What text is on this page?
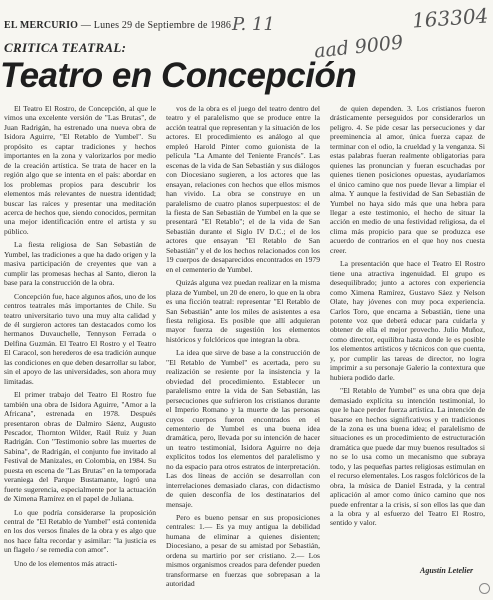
EL MERCURIO — Lunes 29 de Septiembre de 1986 P. 11	163304
aad 9009
CRITICA TEATRAL:
Teatro en Concepción

El Teatro El Rostro, de Concepción, al que le vimos una excelente versión de "Las Brutas", de Juan Radrigán, ha estrenado una nueva obra de Isidora Aguirre, "El Retablo de Yumbel". Su propósito es captar tradiciones y hechos importantes en la zona y valorizarlos por medio de la creación artística. Se trata de hacer en la región algo que se intenta en el país: abordar en los problemas propios para descubrir los elementos más relevantes de nuestra identidad; buscar las raíces y presentar una meditación acerca de hechos que, siendo conocidos, permitan una mejor identificación entre el artista y su público.

La fiesta religiosa de San Sebastián de Yumbel, las tradiciones a que ha dado origen y la masiva participación de creyentes que van a cumplir las promesas hechas al Santo, dieron la base para la construcción de la obra.

Concepción fue, hace algunos años, uno de los centros teatrales más importantes de Chile. Su teatro universitario tuvo una muy alta calidad y de él surgieron actores tan destacados como los hermanos Duvauchelle, Tennyson Ferrada o Delfina Guzmán. El Teatro El Rostro y el Teatro El Caracol, son herederos de esa tradición aunque las condiciones en que deben desarrollar su labor, sin el apoyo de las universidades, son ahora muy limitadas.

El primer trabajo del Teatro El Rostro fue también una obra de Isidora Aguirre, "Amor a la Africana", estrenada en 1978. Después presentaron obras de Dalmiro Sáenz, Augusto Pescador, Thornton Wilder, Raúl Ruiz y Juan Radrigán. Con "Testimonio sobre las muertes de Sabina", de Radrigán, el conjunto fue invitado al Festival de Manizales, en Colombia, en 1984. Su puesta en escena de "Las Brutas" en la temporada veraniega del Parque Bustamante, logró una fuerte sugerencia, especialmente por la actuación de Ximena Ramírez en el papel de Juliana.

Lo que podría considerarse la proposición central de "El Retablo de Yumbel" está contenida en los dos versos finales de la obra y es algo que nos hace falta recordar y asimilar: "la justicia es un flagelo / se remedia con amor".

Uno de los elementos más atracti-

vos de la obra es el juego del teatro dentro del teatro y el paralelismo que se produce entre la acción teatral que representan y la situación de los actores. El procedimiento es análogo al que empleó Harold Pinter como guionista de la película "La Amante del Teniente Francés". Las escenas de la vida de San Sebastián y sus diálogos con Diocesiano sugieren, a los actores que las ensayan, relaciones con hechos que ellos mismos han vivido. La obra se construye en un paralelismo de cuatro planos superpuestos: el de la fiesta de San Sebastián de Yumbel en la que se presentará "El Retablo"; el de la vida de San Sebastián durante el Siglo IV D.C.; el de los actores que ensayan "El Retablo de San Sebastián" y el de los hechos relacionados con los 19 cuerpos de desaparecidos encontrados en 1979 en el cementerio de Yumbel.

Quizás alguna vez puedan realizar en la misma plaza de Yumbel, un 20 de enero, lo que en la obra es una ficción teatral: representar "El Retablo de San Sebastián" ante los miles de asistentes a esa fiesta religiosa. Es posible que allí adquieran mayor fuerza de sugestión los elementos históricos y folclóricos que integran la obra.

La idea que sirve de base a la construcción de "El Retablo de Yumbel" es acertada, pero su realización se resiente por la insistencia y la obviedad del procedimiento. Establecer un paralelismo entre la vida de San Sebastián, las persecuciones que sufrieron los cristianos durante el Imperio Romano y la muerte de las personas cuyos cuerpos fueron encontrados en el cementerio de Yumbel es una buena idea dramática, pero, llevada por su intención de hacer un teatro testimonial, Isidora Aguirre no deja explícitos todos los elementos del paralelismo y no da espacio para otros estratos de interpretación. Las dos líneas de acción se desarrollan con interrelaciones demasiado claras, con didactismo de quien desconfía de los destinatarios del mensaje.

Pero es bueno pensar en sus proposiciones centrales: 1.— Es ya muy antigua la debilidad humana de eliminar a quienes disienten; Diocesiano, a pesar de su amistad por Sebastián, ordena su martirio por ser cristiano. 2.— Los mismos organismos creados para defender pueden transformarse en fuerzas que sobrepasan a la autoridad

de quien dependen. 3. Los cristianos fueron drásticamente perseguidos por considerarlos un peligro. 4. Se pide cesar las persecuciones y dar preeminencia al amor, única fuerza capaz de terminar con el odio, la crueldad y la venganza. Si estas palabras fueran realmente obligatorias para quienes las pronuncian y fueran escuchadas por quienes tienen posiciones opuestas, ayudaríamos el único camino que nos puede llevar a limpiar el alma. Y aunque la festividad de San Sebastián de Yumbel no haya sido más que una hebra para llegar a este testimonio, el hecho de situar la acción en medio de una festividad religiosa, da el clima más propicio para que se produzca ese acuerdo de contrarios en el que hoy nos cuesta creer.

La presentación que hace el Teatro El Rostro tiene una atractiva ingenuidad. El grupo es desequilibrado; junto a actores con experiencia como Ximena Ramírez, Gustavo Sáez y Nelson Olate, hay jóvenes con muy poca experiencia. Carlos Toro, que encarna a Sebastián, tiene una potente voz que deberá educar para cuidarla y obtener de ella el mejor provecho. Julio Muñoz, como director, equilibra hasta donde le es posible los elementos artísticos y técnicos con que cuenta, y, por cumplir las tareas de director, no logra imprimir a su personaje Galerio la contextura que hubiera podido darle.

"El Retablo de Yumbel" es una obra que deja demasiado explícita su intención testimonial, lo que le hace perder fuerza artística. La intención de basarse en hechos significativos y en tradiciones de la zona es una buena idea; el paralelismo de situaciones es un procedimiento de estructuración dramática que puede dar muy buenos resultados si no se lo usa como un mecanismo que subraya todo, y las pequeñas partes religiosas estimulan en el recurso elementales. Los rasgos folclóricos de la obra, la música de Daniel Estrada, y la central aplicación al amor como único camino que nos puede enfrentar a la crisis, sí son ellos las que dan a la obra y al esfuerzo del Teatro El Rostro, sentido y valor.

Agustín Letelier
